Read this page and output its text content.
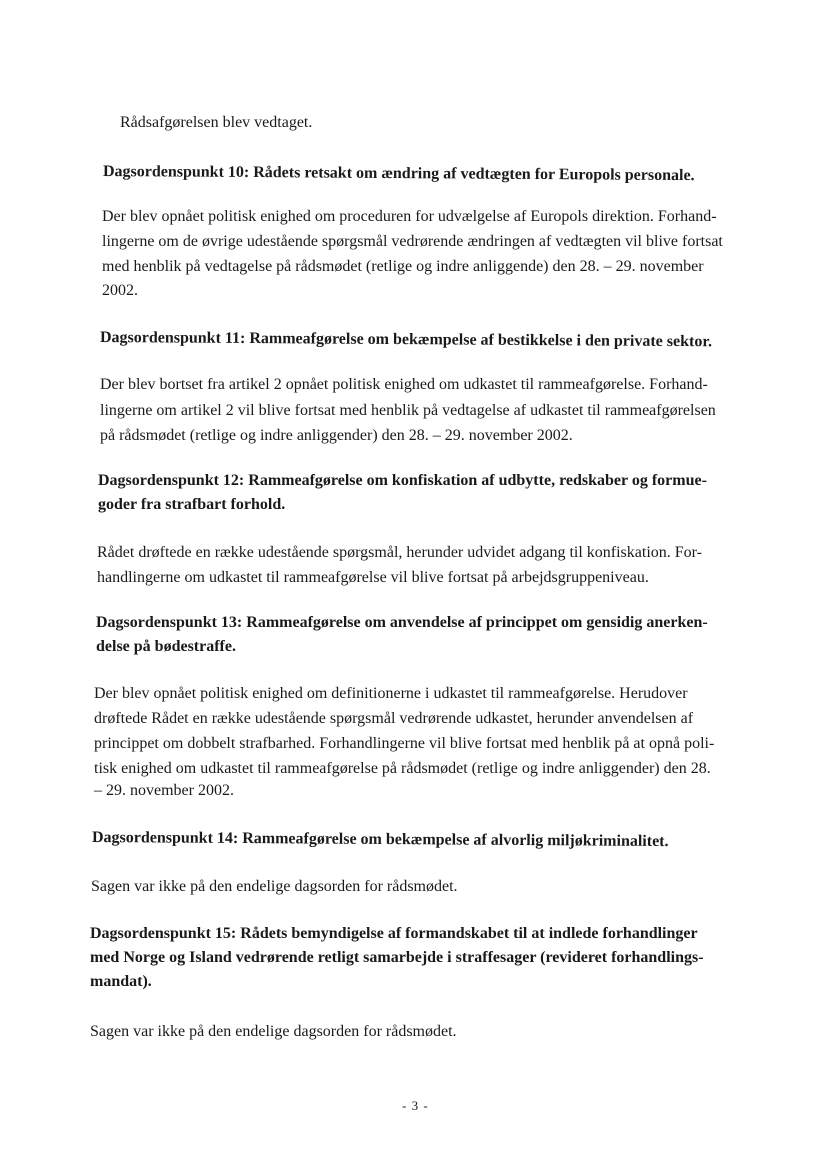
Rådsafgørelsen blev vedtaget.
Dagsordenspunkt 10: Rådets retsakt om ændring af vedtægten for Europols personale.
Der blev opnået politisk enighed om proceduren for udvælgelse af Europols direktion. Forhand-
lingerne om de øvrige udestående spørgsmål vedrørende ændringen af vedtægten vil blive fortsat
med henblik på vedtagelse på rådsmødet (retlige og indre anliggende) den 28. – 29. november
2002.
Dagsordenspunkt 11: Rammeafgørelse om bekæmpelse af bestikkelse i den private sektor.
Der blev bortset fra artikel 2 opnået politisk enighed om udkastet til rammeafgørelse. Forhand-
lingerne om artikel 2 vil blive fortsat med henblik på vedtagelse af udkastet til rammeafgørelsen
på rådsmødet (retlige og indre anliggender) den 28. – 29. november 2002.
Dagsordenspunkt 12: Rammeafgørelse om konfiskation af udbytte, redskaber og formue-
goder fra strafbart forhold.
Rådet drøftede en række udestående spørgsmål, herunder udvidet adgang til konfiskation. For-
handlingerne om udkastet til rammeafgørelse vil blive fortsat på arbejdsgruppeniveau.
Dagsordenspunkt 13: Rammeafgørelse om anvendelse af princippet om gensidig anerken-
delse på bødestraffe.
Der blev opnået politisk enighed om definitionerne i udkastet til rammeafgørelse. Herudover
drøftede Rådet en række udestående spørgsmål vedrørende udkastet, herunder anvendelsen af
princippet om dobbelt strafbarhed. Forhandlingerne vil blive fortsat med henblik på at opnå poli-
tisk enighed om udkastet til rammeafgørelse på rådsmødet (retlige og indre anliggender) den 28.
– 29. november 2002.
Dagsordenspunkt 14: Rammeafgørelse om bekæmpelse af alvorlig miljøkriminalitet.
Sagen var ikke på den endelige dagsorden for rådsmødet.
Dagsordenspunkt 15: Rådets bemyndigelse af formandskabet til at indlede forhandlinger
med Norge og Island vedrørende retligt samarbejde i straffesager (revideret forhandlings-
mandat).
Sagen var ikke på den endelige dagsorden for rådsmødet.
- 3 -
